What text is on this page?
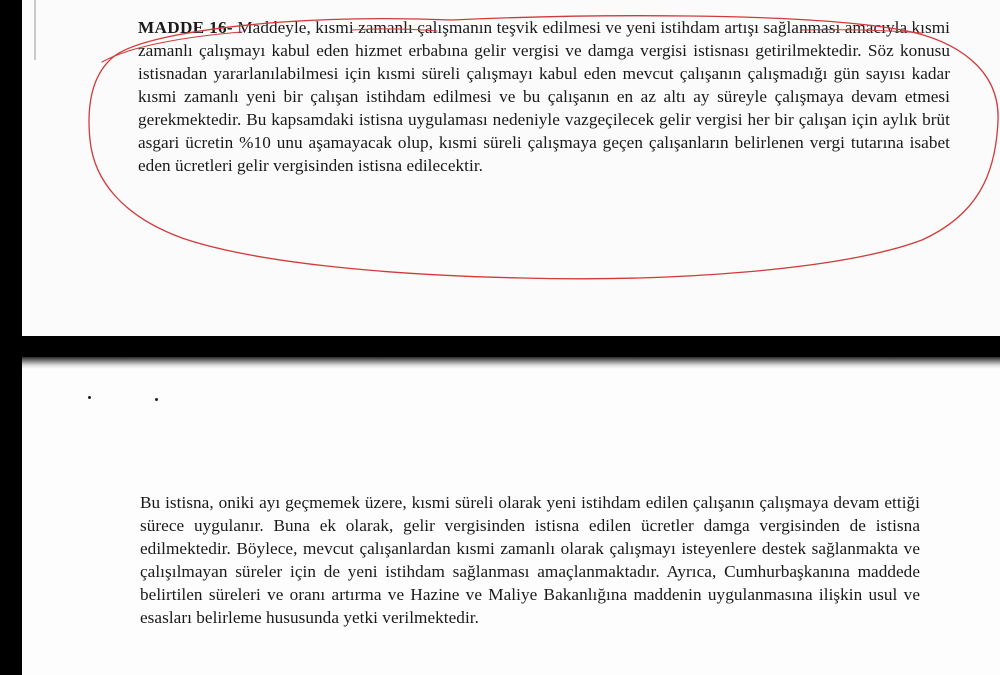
MADDE 16- Maddeyle, kısmi zamanlı çalışmanın teşvik edilmesi ve yeni istihdam artışı sağlanması amacıyla kısmi zamanlı çalışmayı kabul eden hizmet erbabına gelir vergisi ve damga vergisi istisnası getirilmektedir. Söz konusu istisnadan yararlanılabilmesi için kısmi süreli çalışmayı kabul eden mevcut çalışanın çalışmadığı gün sayısı kadar kısmi zamanlı yeni bir çalışan istihdam edilmesi ve bu çalışanın en az altı ay süreyle çalışmaya devam etmesi gerekmektedir. Bu kapsamdaki istisna uygulaması nedeniyle vazgeçilecek gelir vergisi her bir çalışan için aylık brüt asgari ücretin %10 unu aşamayacak olup, kısmi süreli çalışmaya geçen çalışanların belirlenen vergi tutarına isabet eden ücretleri gelir vergisinden istisna edilecektir.

Bu istisna, oniki ayı geçmemek üzere, kısmi süreli olarak yeni istihdam edilen çalışanın çalışmaya devam ettiği sürece uygulanır. Buna ek olarak, gelir vergisinden istisna edilen ücretler damga vergisinden de istisna edilmektedir. Böylece, mevcut çalışanlardan kısmi zamanlı olarak çalışmayı isteyenlere destek sağlanmakta ve çalışılmayan süreler için de yeni istihdam sağlanması amaçlanmaktadır. Ayrıca, Cumhurbaşkanına maddede belirtilen süreleri ve oranı artırma ve Hazine ve Maliye Bakanlığına maddenin uygulanmasına ilişkin usul ve esasları belirleme hususunda yetki verilmektedir.
